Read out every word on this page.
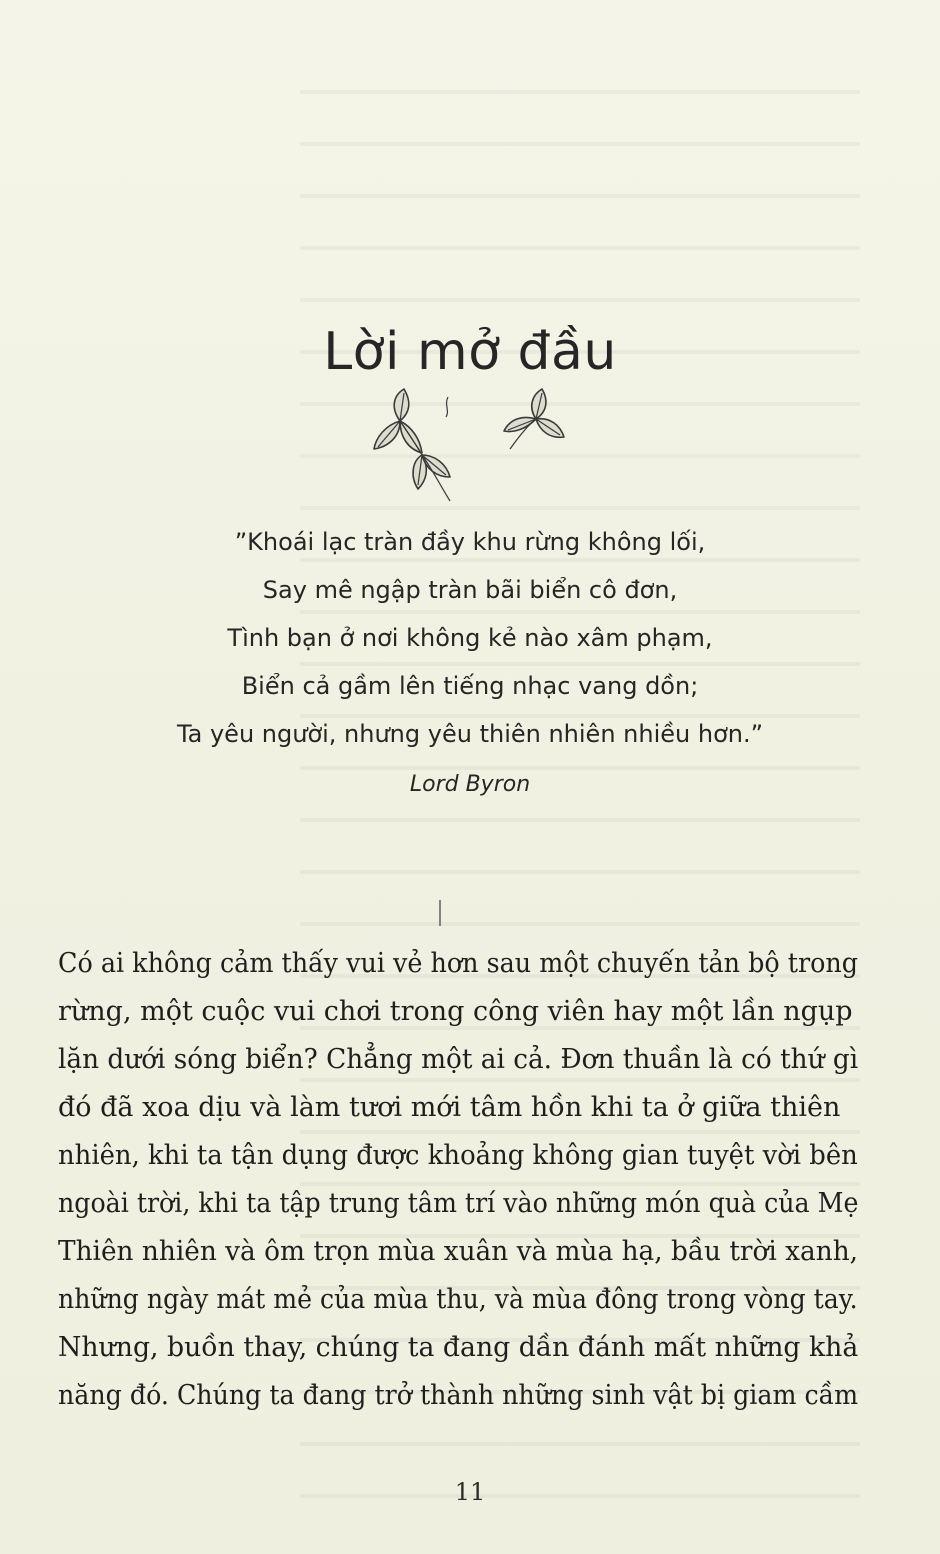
Lời mở đầu
”Khoái lạc tràn đầy khu rừng không lối,
Say mê ngập tràn bãi biển cô đơn,
Tình bạn ở nơi không kẻ nào xâm phạm,
Biển cả gầm lên tiếng nhạc vang dồn;
Ta yêu người, nhưng yêu thiên nhiên nhiều hơn.”
Lord Byron
Có ai không cảm thấy vui vẻ hơn sau một chuyến tản bộ trong
rừng, một cuộc vui chơi trong công viên hay một lần ngụp
lặn dưới sóng biển? Chẳng một ai cả. Đơn thuần là có thứ gì
đó đã xoa dịu và làm tươi mới tâm hồn khi ta ở giữa thiên
nhiên, khi ta tận dụng được khoảng không gian tuyệt vời bên
ngoài trời, khi ta tập trung tâm trí vào những món quà của Mẹ
Thiên nhiên và ôm trọn mùa xuân và mùa hạ, bầu trời xanh,
những ngày mát mẻ của mùa thu, và mùa đông trong vòng tay.
Nhưng, buồn thay, chúng ta đang dần đánh mất những khả
năng đó. Chúng ta đang trở thành những sinh vật bị giam cầm
11
